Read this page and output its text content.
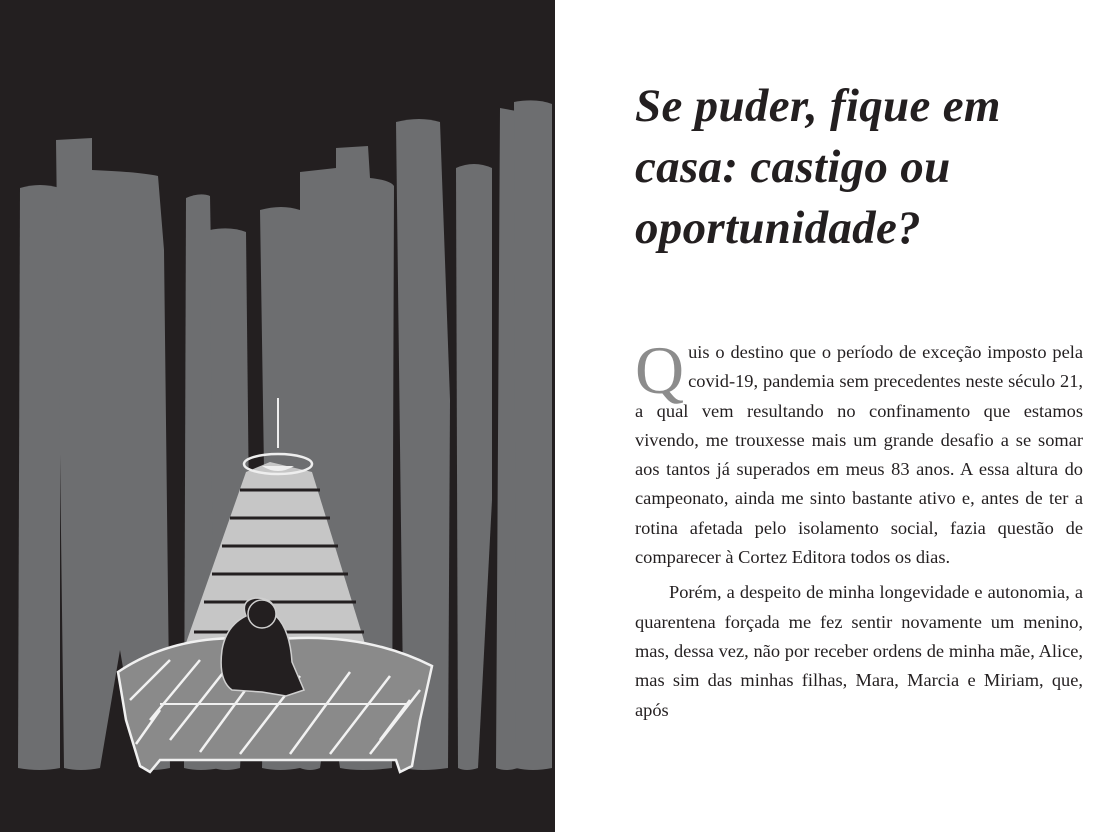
Se puder, fique em casa: castigo ou oportunidade?

Quis o destino que o período de exceção imposto pela covid-19, pandemia sem precedentes neste século 21, a qual vem resultando no confinamento que estamos vivendo, me trouxesse mais um grande desafio a se somar aos tantos já superados em meus 83 anos. A essa altura do campeonato, ainda me sinto bastante ativo e, antes de ter a rotina afetada pelo isolamento social, fazia questão de comparecer à Cortez Editora todos os dias.

Porém, a despeito de minha longevidade e autonomia, a quarentena forçada me fez sentir novamente um menino, mas, dessa vez, não por receber ordens de minha mãe, Alice, mas sim das minhas filhas, Mara, Marcia e Miriam, que, após
